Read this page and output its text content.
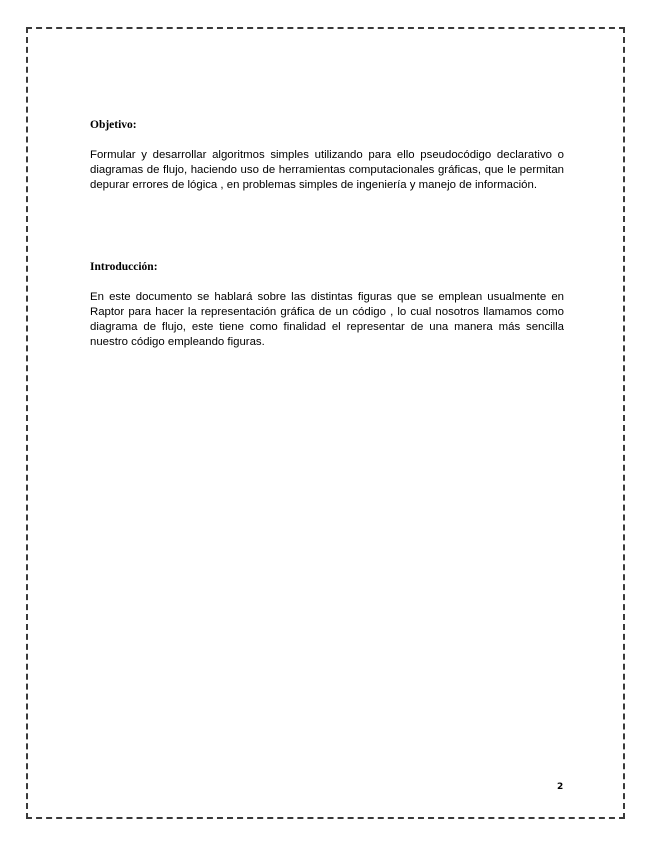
Objetivo:

Formular y desarrollar algoritmos simples utilizando para ello pseudocódigo declarativo o diagramas de flujo, haciendo uso de herramientas computacionales gráficas, que le permitan depurar errores de lógica , en problemas simples de ingeniería y manejo de información.

Introducción:

En este documento se hablará sobre las distintas figuras que se emplean usualmente en Raptor para hacer la representación gráfica de un código , lo cual nosotros llamamos como diagrama de flujo, este tiene como finalidad el representar de una manera más sencilla nuestro código empleando figuras.

2
